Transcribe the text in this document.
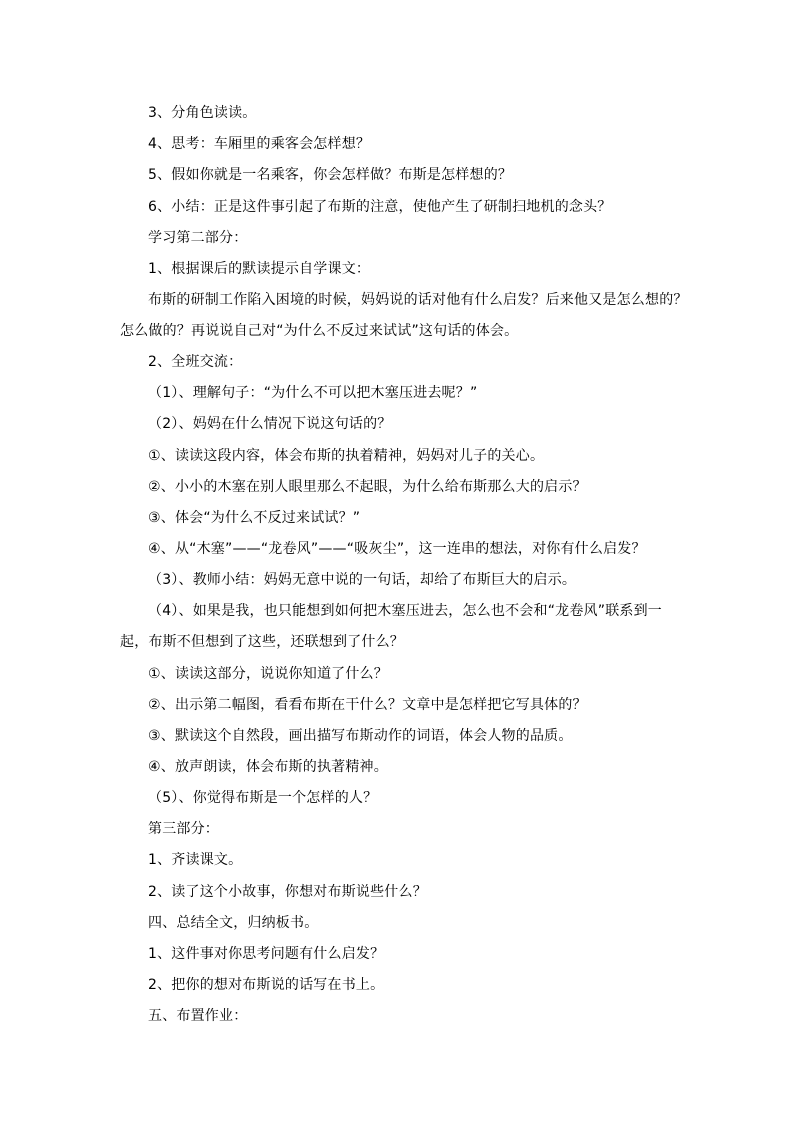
3、分角色读读。
4、思考：车厢里的乘客会怎样想？
5、假如你就是一名乘客，你会怎样做？布斯是怎样想的？
6、小结：正是这件事引起了布斯的注意，使他产生了研制扫地机的念头？
学习第二部分：
1、根据课后的默读提示自学课文：
布斯的研制工作陷入困境的时候，妈妈说的话对他有什么启发？后来他又是怎么想的？
怎么做的？再说说自己对“为什么不反过来试试”这句话的体会。
2、全班交流：
（1）、理解句子：“为什么不可以把木塞压进去呢？”
（2）、妈妈在什么情况下说这句话的？
①、读读这段内容，体会布斯的执着精神，妈妈对儿子的关心。
②、小小的木塞在别人眼里那么不起眼，为什么给布斯那么大的启示？
③、体会“为什么不反过来试试？”
④、从“木塞”——“龙卷风”——“吸灰尘”，这一连串的想法，对你有什么启发？
（3）、教师小结：妈妈无意中说的一句话，却给了布斯巨大的启示。
（4）、如果是我，也只能想到如何把木塞压进去，怎么也不会和“龙卷风”联系到一
起，布斯不但想到了这些，还联想到了什么？
①、读读这部分，说说你知道了什么？
②、出示第二幅图，看看布斯在干什么？文章中是怎样把它写具体的？
③、默读这个自然段，画出描写布斯动作的词语，体会人物的品质。
④、放声朗读，体会布斯的执著精神。
（5）、你觉得布斯是一个怎样的人？
第三部分：
1、齐读课文。
2、读了这个小故事，你想对布斯说些什么？
四、总结全文，归纳板书。
1、这件事对你思考问题有什么启发？
2、把你的想对布斯说的话写在书上。
五、布置作业：
